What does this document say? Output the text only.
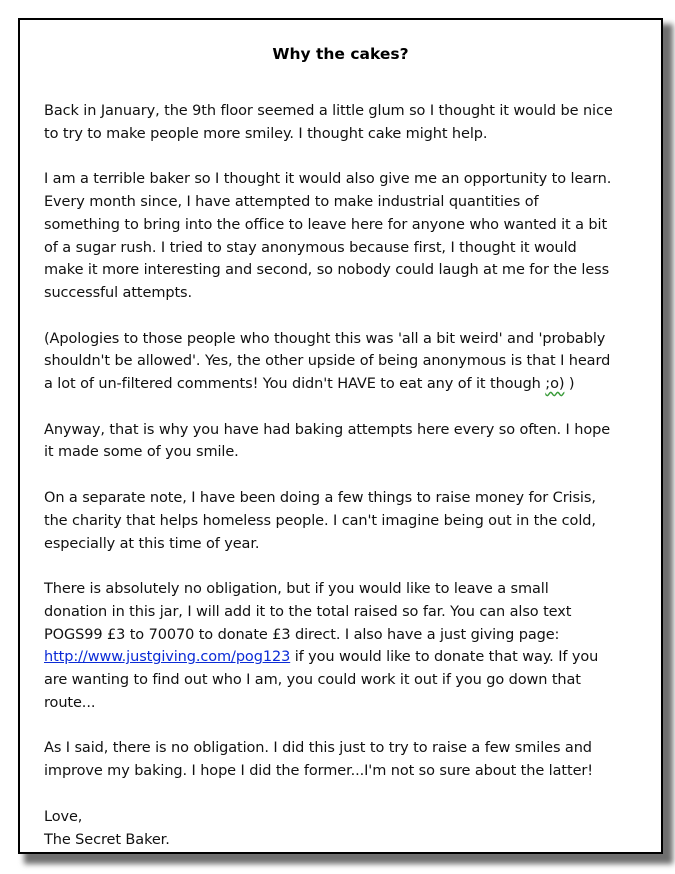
Why the cakes?

Back in January, the 9th floor seemed a little glum so I thought it would be nice
to try to make people more smiley. I thought cake might help.

I am a terrible baker so I thought it would also give me an opportunity to learn.
Every month since, I have attempted to make industrial quantities of
something to bring into the office to leave here for anyone who wanted it a bit
of a sugar rush. I tried to stay anonymous because first, I thought it would
make it more interesting and second, so nobody could laugh at me for the less
successful attempts.

(Apologies to those people who thought this was 'all a bit weird' and 'probably
shouldn't be allowed'. Yes, the other upside of being anonymous is that I heard
a lot of un-filtered comments! You didn't HAVE to eat any of it though ;o) )

Anyway, that is why you have had baking attempts here every so often. I hope
it made some of you smile.

On a separate note, I have been doing a few things to raise money for Crisis,
the charity that helps homeless people. I can't imagine being out in the cold,
especially at this time of year.

There is absolutely no obligation, but if you would like to leave a small
donation in this jar, I will add it to the total raised so far. You can also text
POGS99 £3 to 70070 to donate £3 direct. I also have a just giving page:
http://www.justgiving.com/pog123 if you would like to donate that way. If you
are wanting to find out who I am, you could work it out if you go down that
route...

As I said, there is no obligation. I did this just to try to raise a few smiles and
improve my baking. I hope I did the former...I'm not so sure about the latter!

Love,
The Secret Baker.
